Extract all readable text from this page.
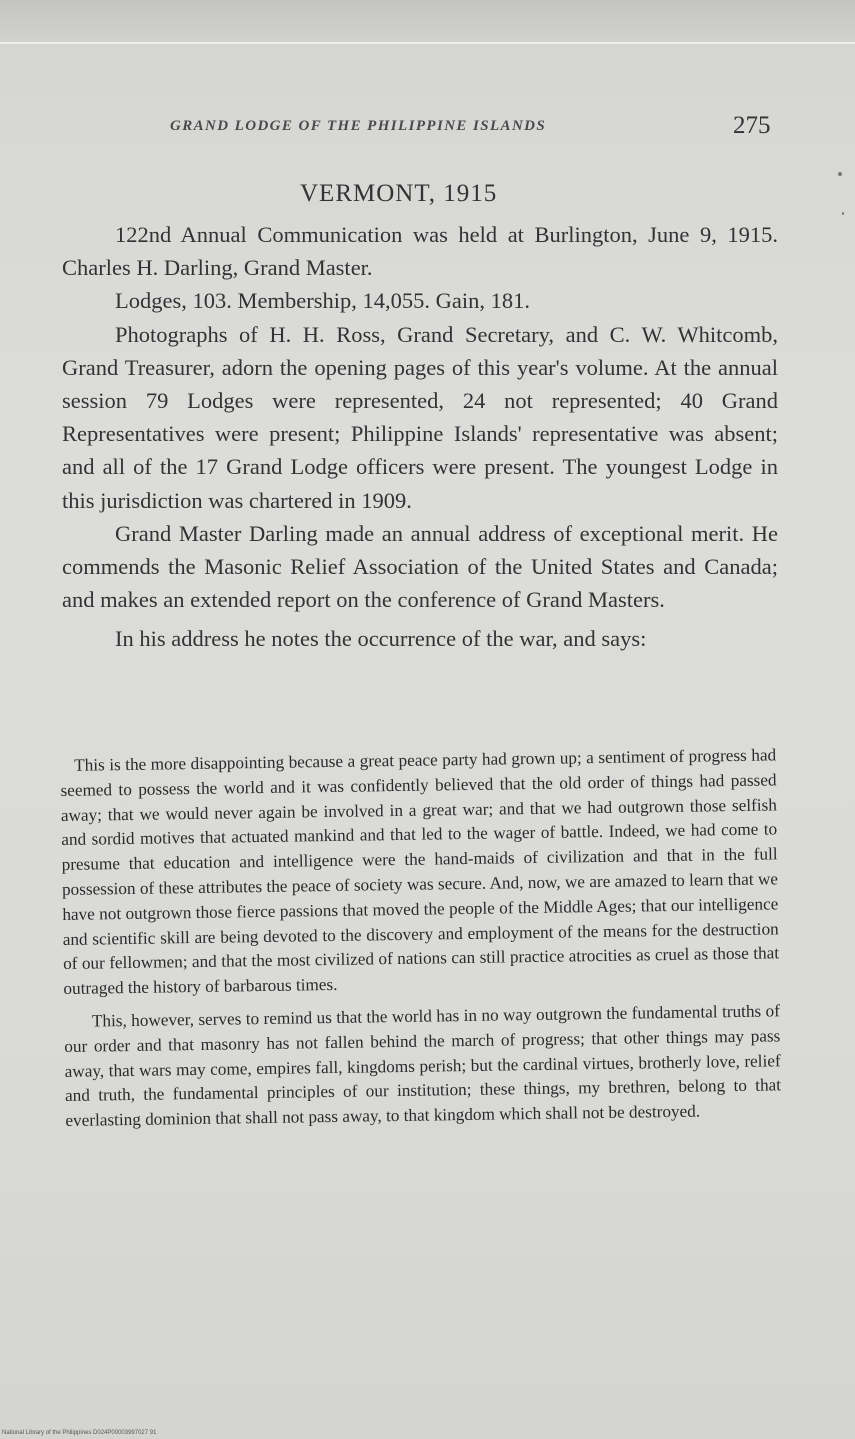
GRAND LODGE OF THE PHILIPPINE ISLANDS	275
VERMONT, 1915

122nd Annual Communication was held at Burlington, June 9, 1915. Charles H. Darling, Grand Master.

Lodges, 103. Membership, 14,055. Gain, 181.

Photographs of H. H. Ross, Grand Secretary, and C. W. Whitcomb, Grand Treasurer, adorn the opening pages of this year's volume. At the annual session 79 Lodges were represented, 24 not represented; 40 Grand Representatives were present; Philippine Islands' representative was absent; and all of the 17 Grand Lodge officers were present. The youngest Lodge in this jurisdiction was chartered in 1909.

Grand Master Darling made an annual address of exceptional merit. He commends the Masonic Relief Association of the United States and Canada; and makes an extended report on the conference of Grand Masters.

In his address he notes the occurrence of the war, and says:

This is the more disappointing because a great peace party had grown up; a sentiment of progress had seemed to possess the world and it was confidently believed that the old order of things had passed away; that we would never again be involved in a great war; and that we had outgrown those selfish and sordid motives that actuated mankind and that led to the wager of battle. Indeed, we had come to presume that education and intelligence were the hand-maids of civilization and that in the full possession of these attributes the peace of society was secure. And, now, we are amazed to learn that we have not outgrown those fierce passions that moved the people of the Middle Ages; that our intelligence and scientific skill are being devoted to the discovery and employment of the means for the destruction of our fellowmen; and that the most civilized of nations can still practice atrocities as cruel as those that outraged the history of barbarous times.

This, however, serves to remind us that the world has in no way outgrown the fundamental truths of our order and that masonry has not fallen behind the march of progress; that other things may pass away, that wars may come, empires fall, kingdoms perish; but the cardinal virtues, brotherly love, relief and truth, the fundamental principles of our institution; these things, my brethren, belong to that everlasting dominion that shall not pass away, to that kingdom which shall not be destroyed.

National Library of the Philippines D024P00003997027 91
